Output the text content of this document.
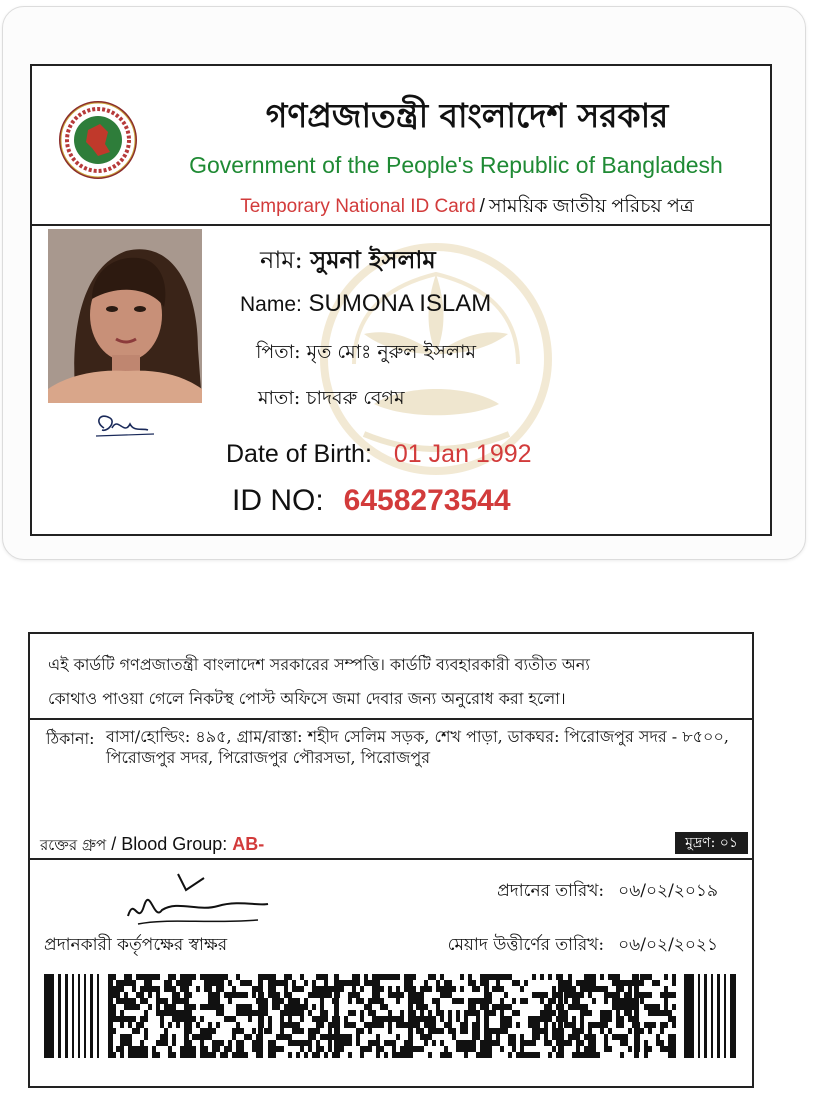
গণপ্রজাতন্ত্রী বাংলাদেশ সরকার
Government of the People's Republic of Bangladesh
Temporary National ID Card / সাময়িক জাতীয় পরিচয় পত্র
নাম: সুমনা ইসলাম
Name: SUMONA ISLAM
পিতা: মৃত মোঃ নুরুল ইসলাম
মাতা: চাদবরু বেগম
Date of Birth: 01 Jan 1992
ID NO: 6458273544
এই কার্ডটি গণপ্রজাতন্ত্রী বাংলাদেশ সরকারের সম্পত্তি। কার্ডটি ব্যবহারকারী ব্যতীত অন্য
কোথাও পাওয়া গেলে নিকটস্থ পোস্ট অফিসে জমা দেবার জন্য অনুরোধ করা হলো।
ঠিকানা: বাসা/হোল্ডিং: ৪৯৫, গ্রাম/রাস্তা: শহীদ সেলিম সড়ক, শেখ পাড়া, ডাকঘর: পিরোজপুর সদর - ৮৫০০, পিরোজপুর সদর, পিরোজপুর পৌরসভা, পিরোজপুর
রক্তের গ্রুপ / Blood Group: AB-	মুদ্রণ: ০১
প্রদানকারী কর্তৃপক্ষের স্বাক্ষর
প্রদানের তারিখ: ০৬/০২/২০১৯
মেয়াদ উত্তীর্ণের তারিখ: ০৬/০২/২০২১
